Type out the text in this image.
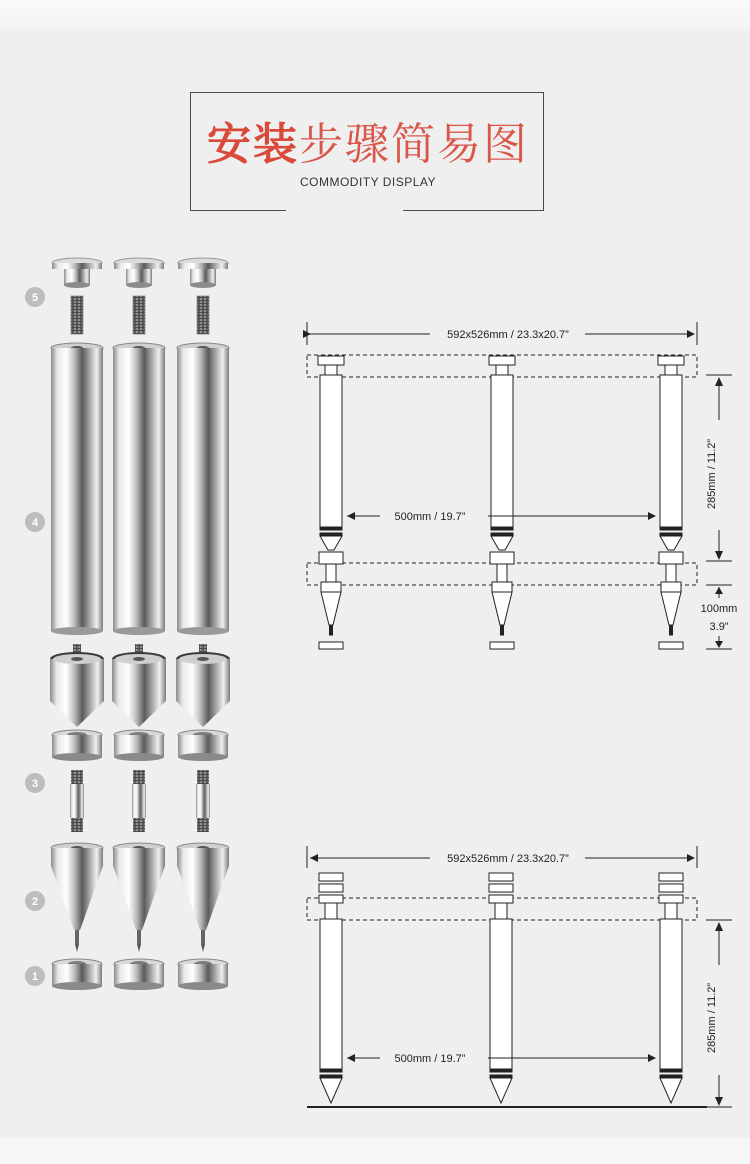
安装步骤简易图
COMMODITY DISPLAY
5
4
3
2
1
592x526mm / 23.3x20.7”
500mm / 19.7”
285mm / 11.2”
100mm
3.9”
592x526mm / 23.3x20.7”
500mm / 19.7”
285mm / 11.2”
